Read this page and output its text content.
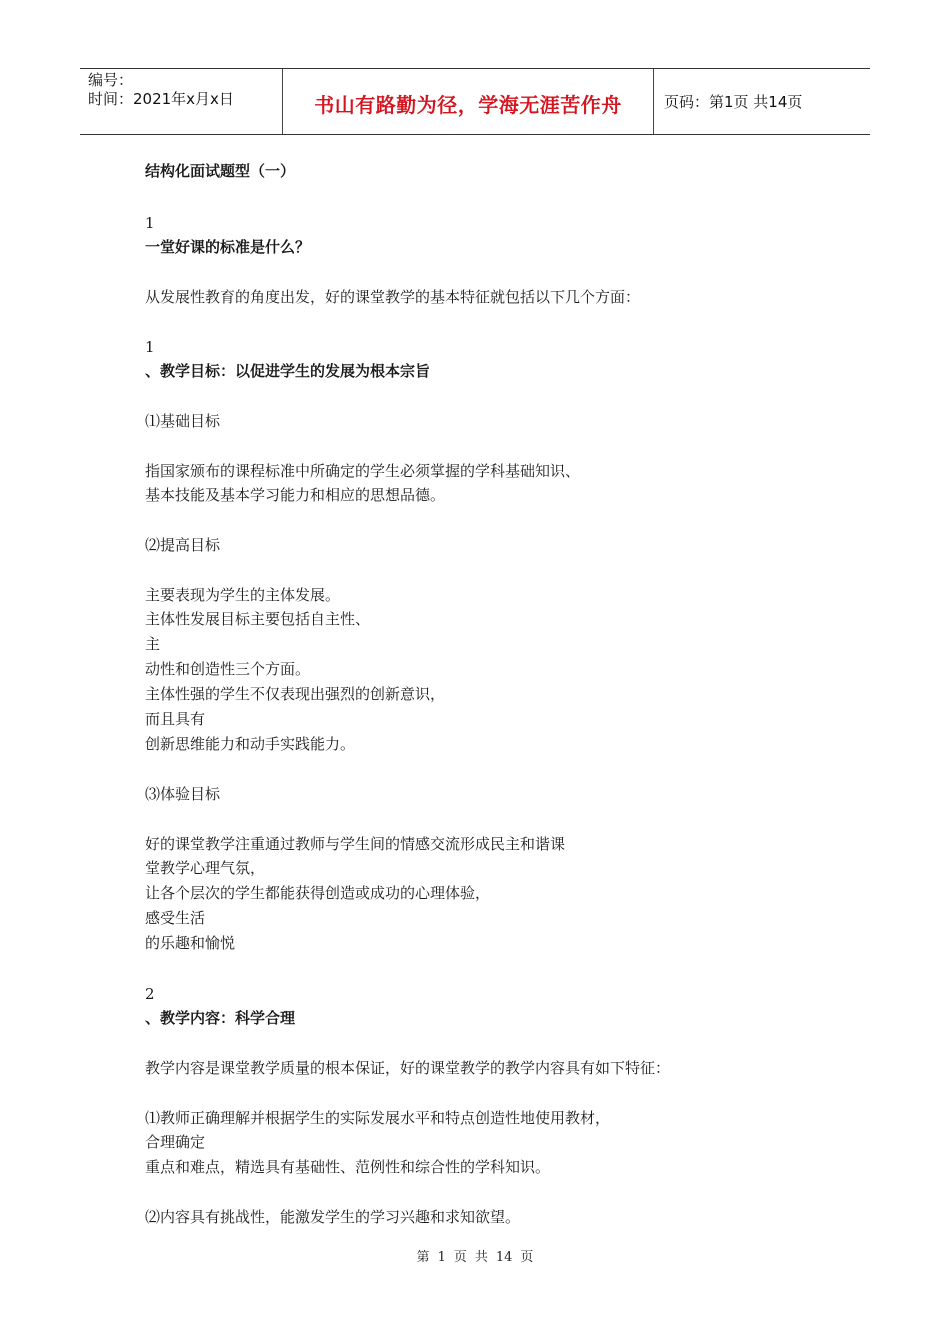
编号：
时间：2021年x月x日	书山有路勤为径，学海无涯苦作舟	页码：第1页 共14页
结构化面试题型（一）
1
一堂好课的标准是什么？
从发展性教育的角度出发，好的课堂教学的基本特征就包括以下几个方面：
1
、教学目标：以促进学生的发展为根本宗旨
⑴基础目标
指国家颁布的课程标准中所确定的学生必须掌握的学科基础知识、
基本技能及基本学习能力和相应的思想品德。
⑵提高目标
主要表现为学生的主体发展。
主体性发展目标主要包括自主性、
主
动性和创造性三个方面。
主体性强的学生不仅表现出强烈的创新意识，
而且具有
创新思维能力和动手实践能力。
⑶体验目标
好的课堂教学注重通过教师与学生间的情感交流形成民主和谐课
堂教学心理气氛，
让各个层次的学生都能获得创造或成功的心理体验，
感受生活
的乐趣和愉悦
2
、教学内容：科学合理
教学内容是课堂教学质量的根本保证，好的课堂教学的教学内容具有如下特征：
⑴教师正确理解并根据学生的实际发展水平和特点创造性地使用教材，
合理确定
重点和难点，精选具有基础性、范例性和综合性的学科知识。
⑵内容具有挑战性，能激发学生的学习兴趣和求知欲望。
第 1 页 共 14 页
